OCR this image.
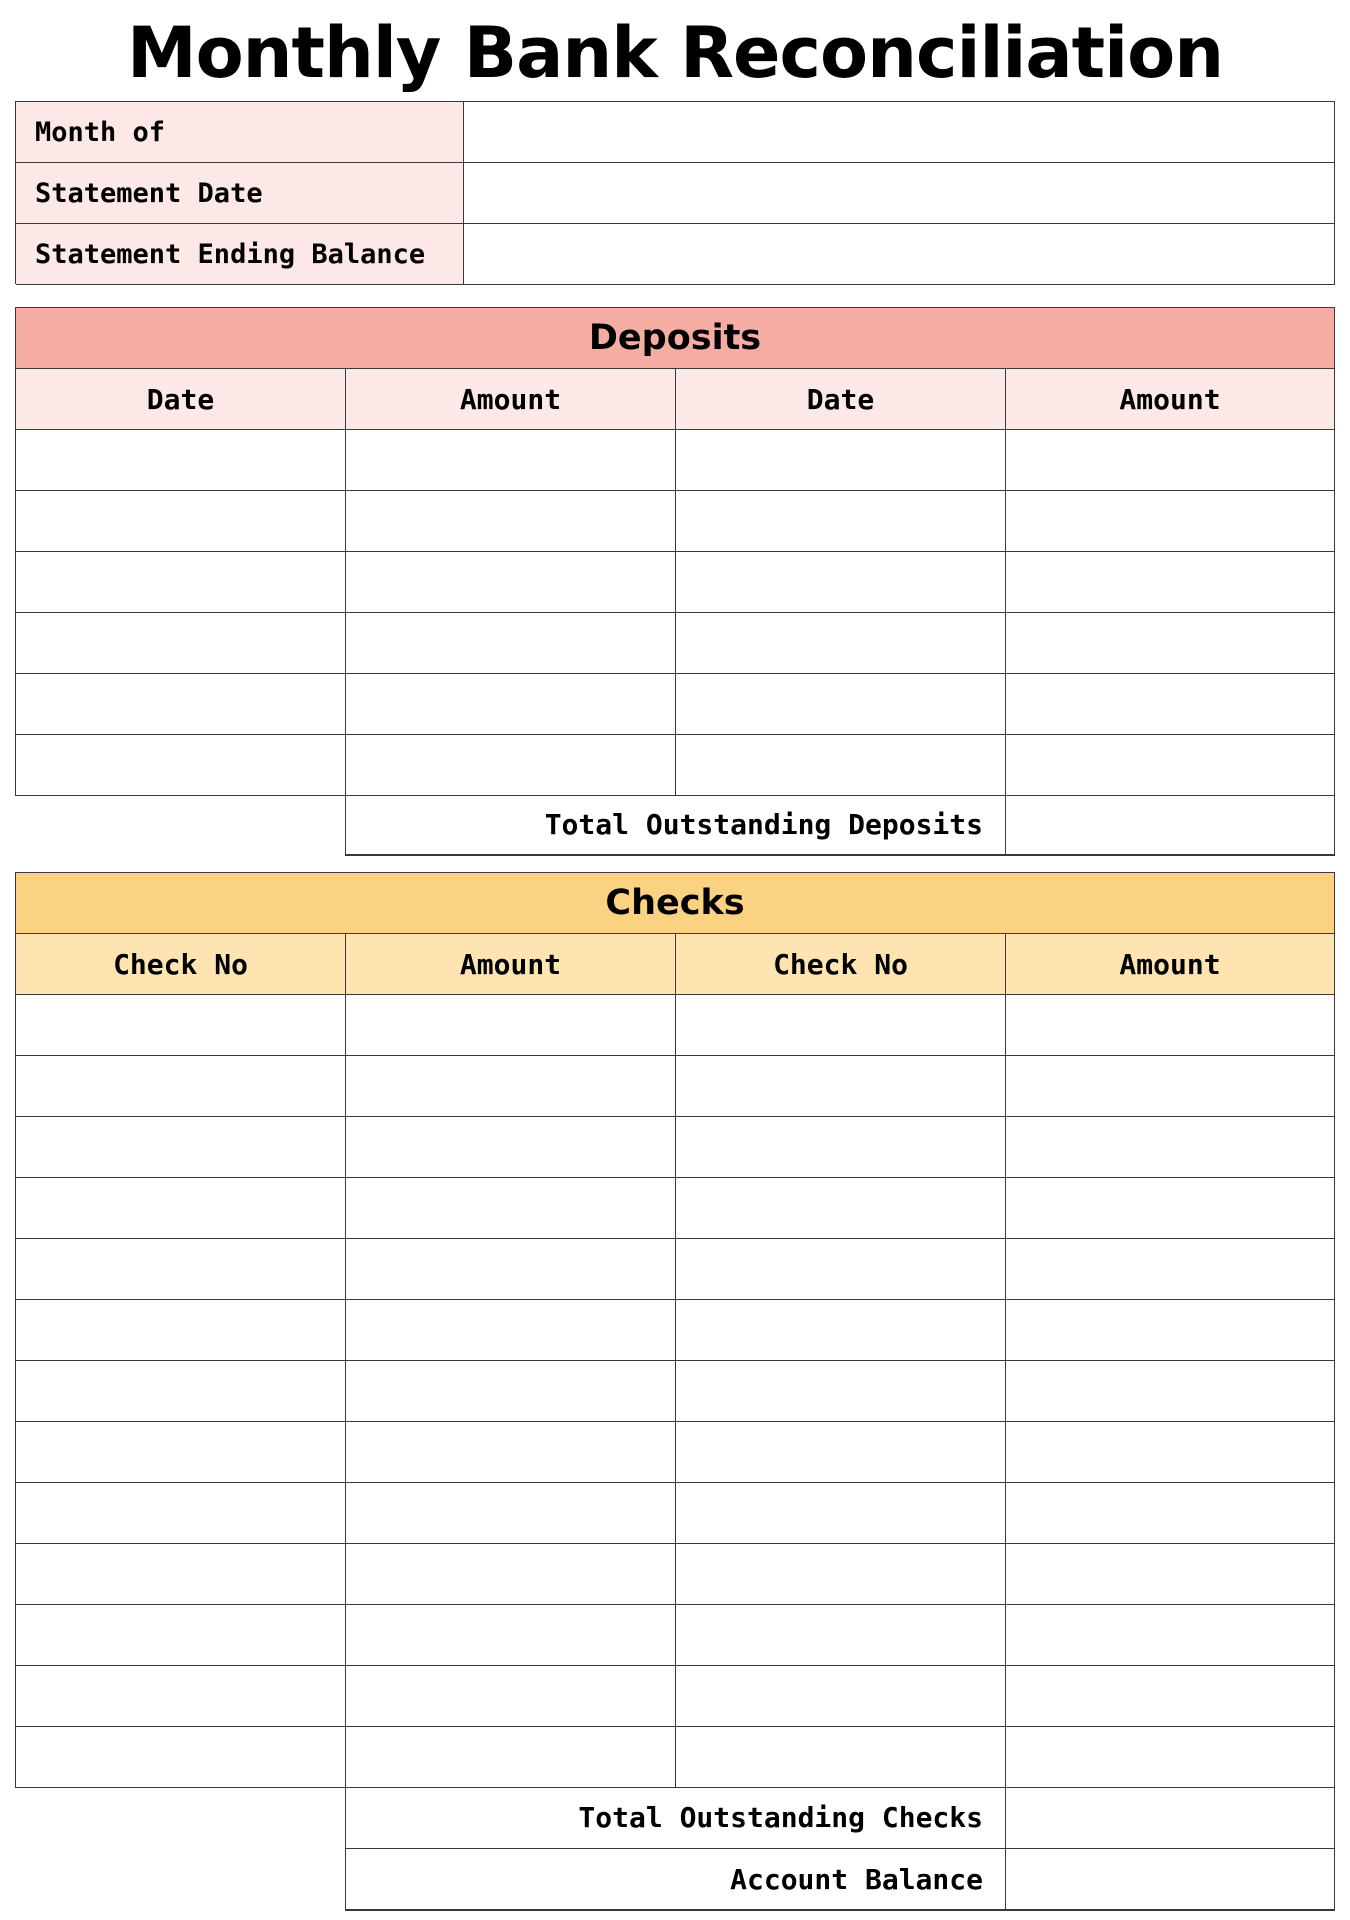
Monthly Bank Reconciliation
Month of
Statement Date
Statement Ending Balance
Deposits
Date	Amount	Date	Amount
Total Outstanding Deposits
Checks
Check No	Amount	Check No	Amount
Total Outstanding Checks
Account Balance
